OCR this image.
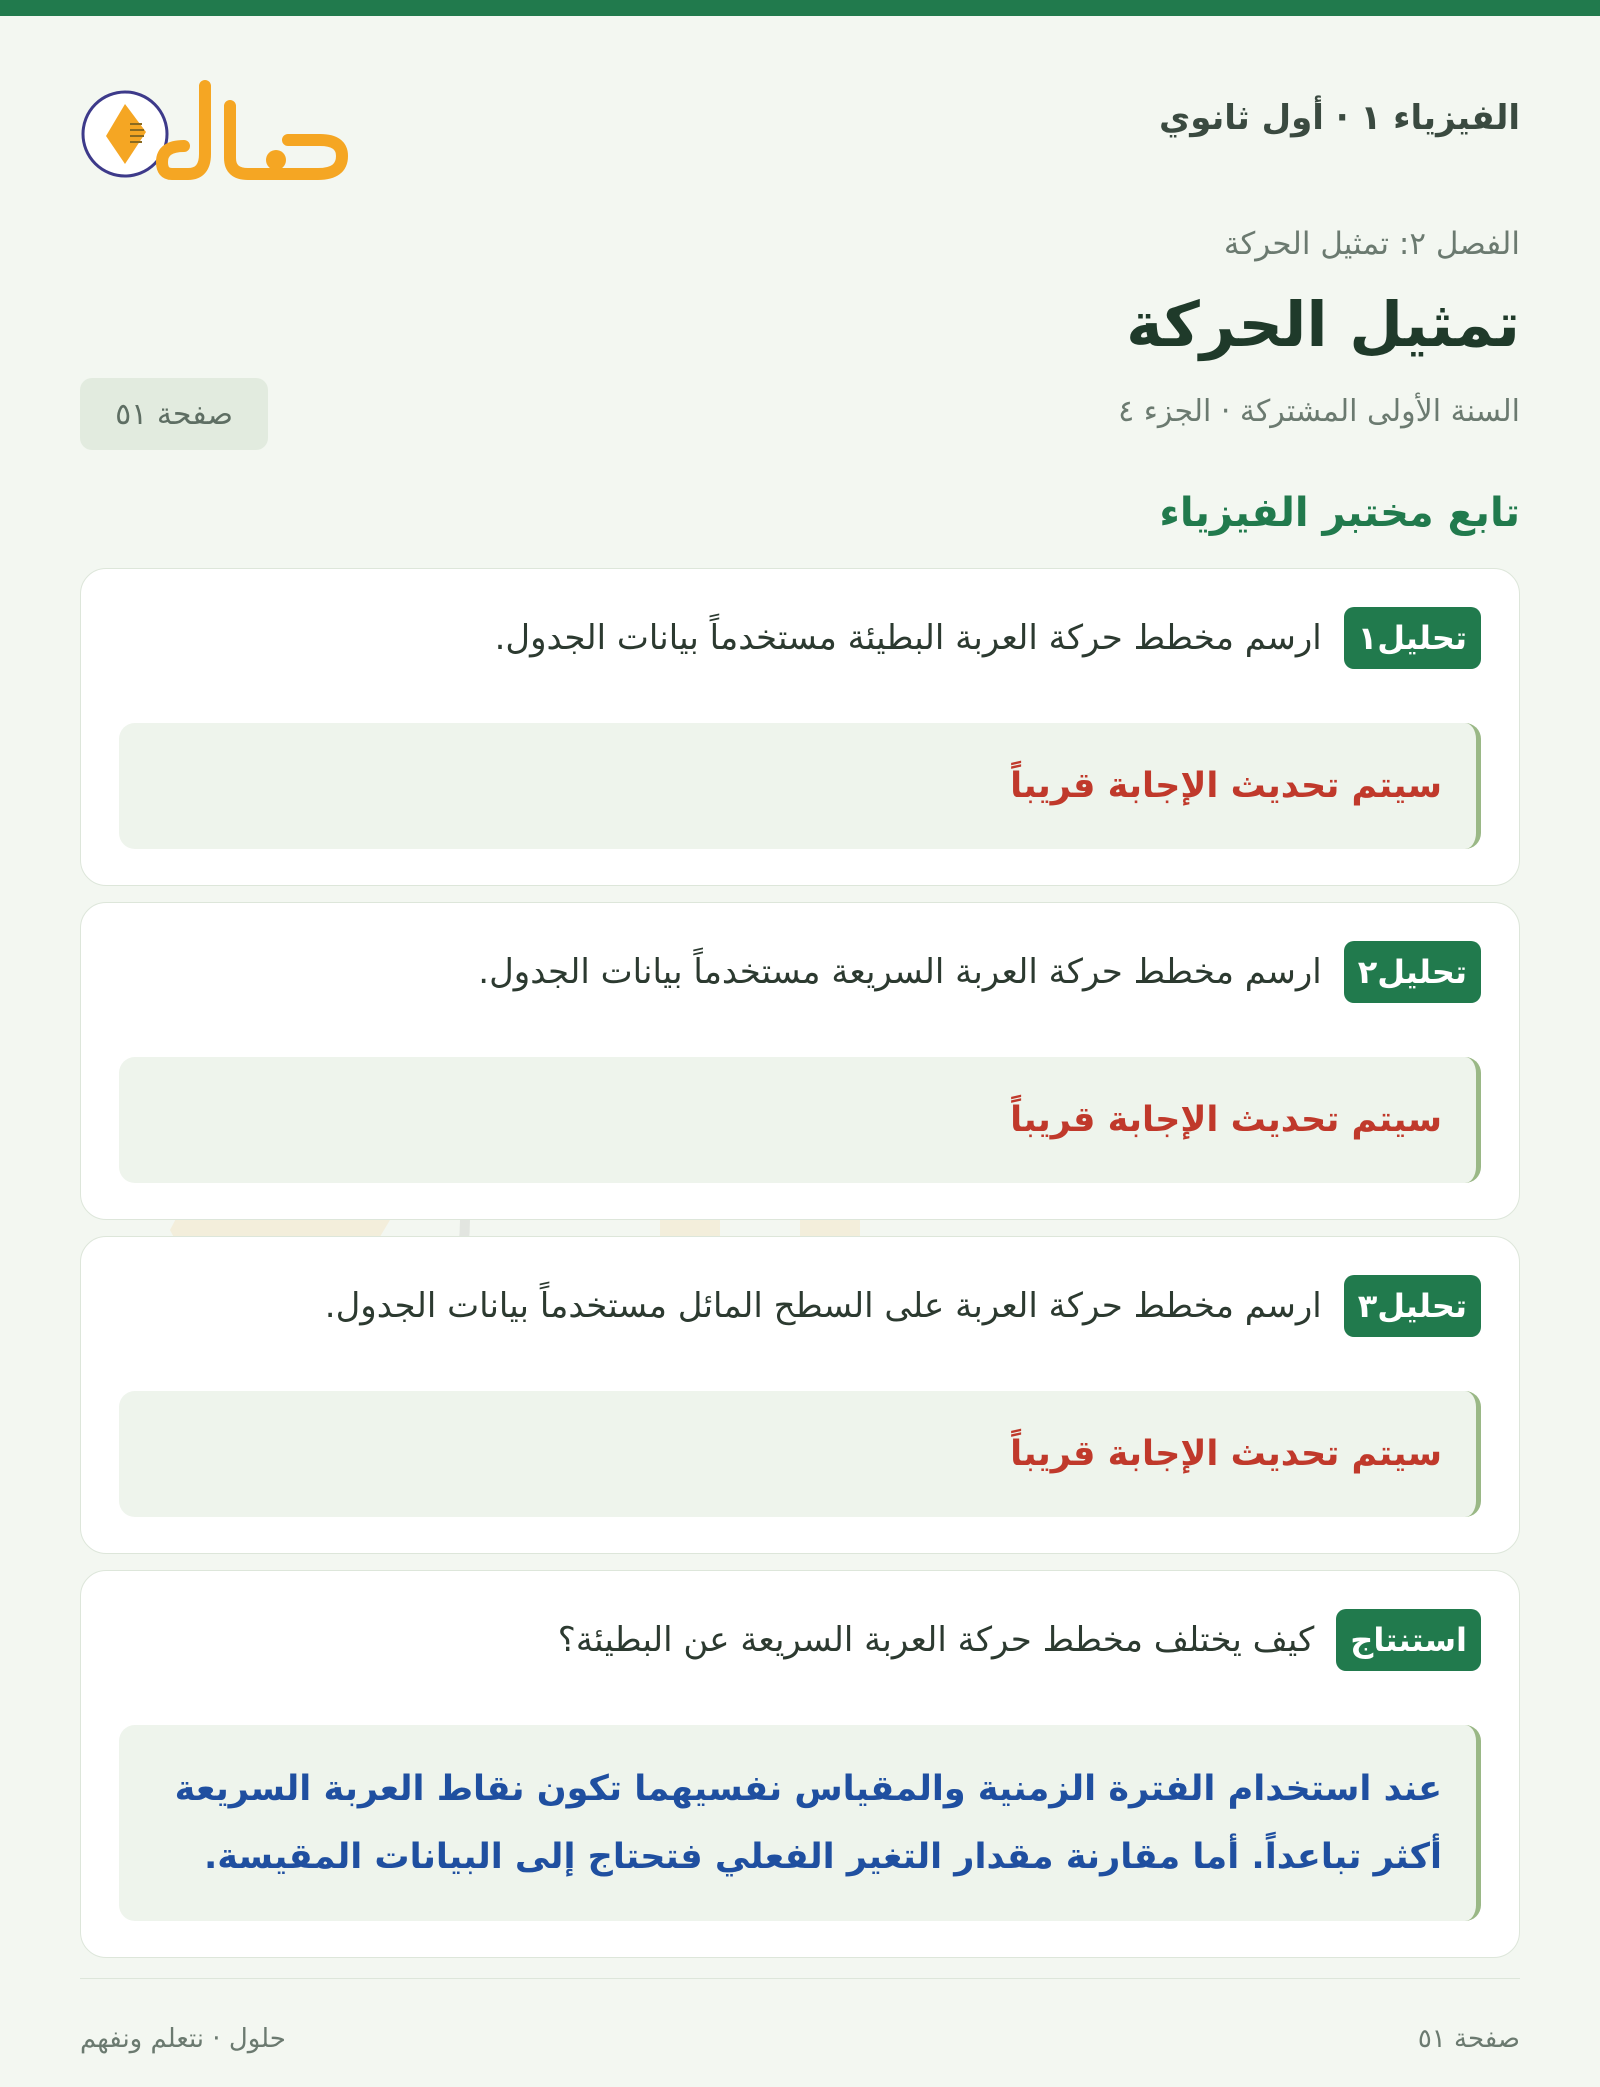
الفيزياء ١ · أول ثانوي
الفصل ٢: تمثيل الحركة
تمثيل الحركة
السنة الأولى المشتركة · الجزء ٤
صفحة ٥١
تابع مختبر الفيزياء
تحليل١
ارسم مخطط حركة العربة البطيئة مستخدماً بيانات الجدول.
سيتم تحديث الإجابة قريباً
تحليل٢
ارسم مخطط حركة العربة السريعة مستخدماً بيانات الجدول.
سيتم تحديث الإجابة قريباً
تحليل٣
ارسم مخطط حركة العربة على السطح المائل مستخدماً بيانات الجدول.
سيتم تحديث الإجابة قريباً
استنتاج
كيف يختلف مخطط حركة العربة السريعة عن البطيئة؟
عند استخدام الفترة الزمنية والمقياس نفسيهما تكون نقاط العربة السريعة أكثر تباعداً. أما مقارنة مقدار التغير الفعلي فتحتاج إلى البيانات المقيسة.
صفحة ٥١
حلول · نتعلم ونفهم
